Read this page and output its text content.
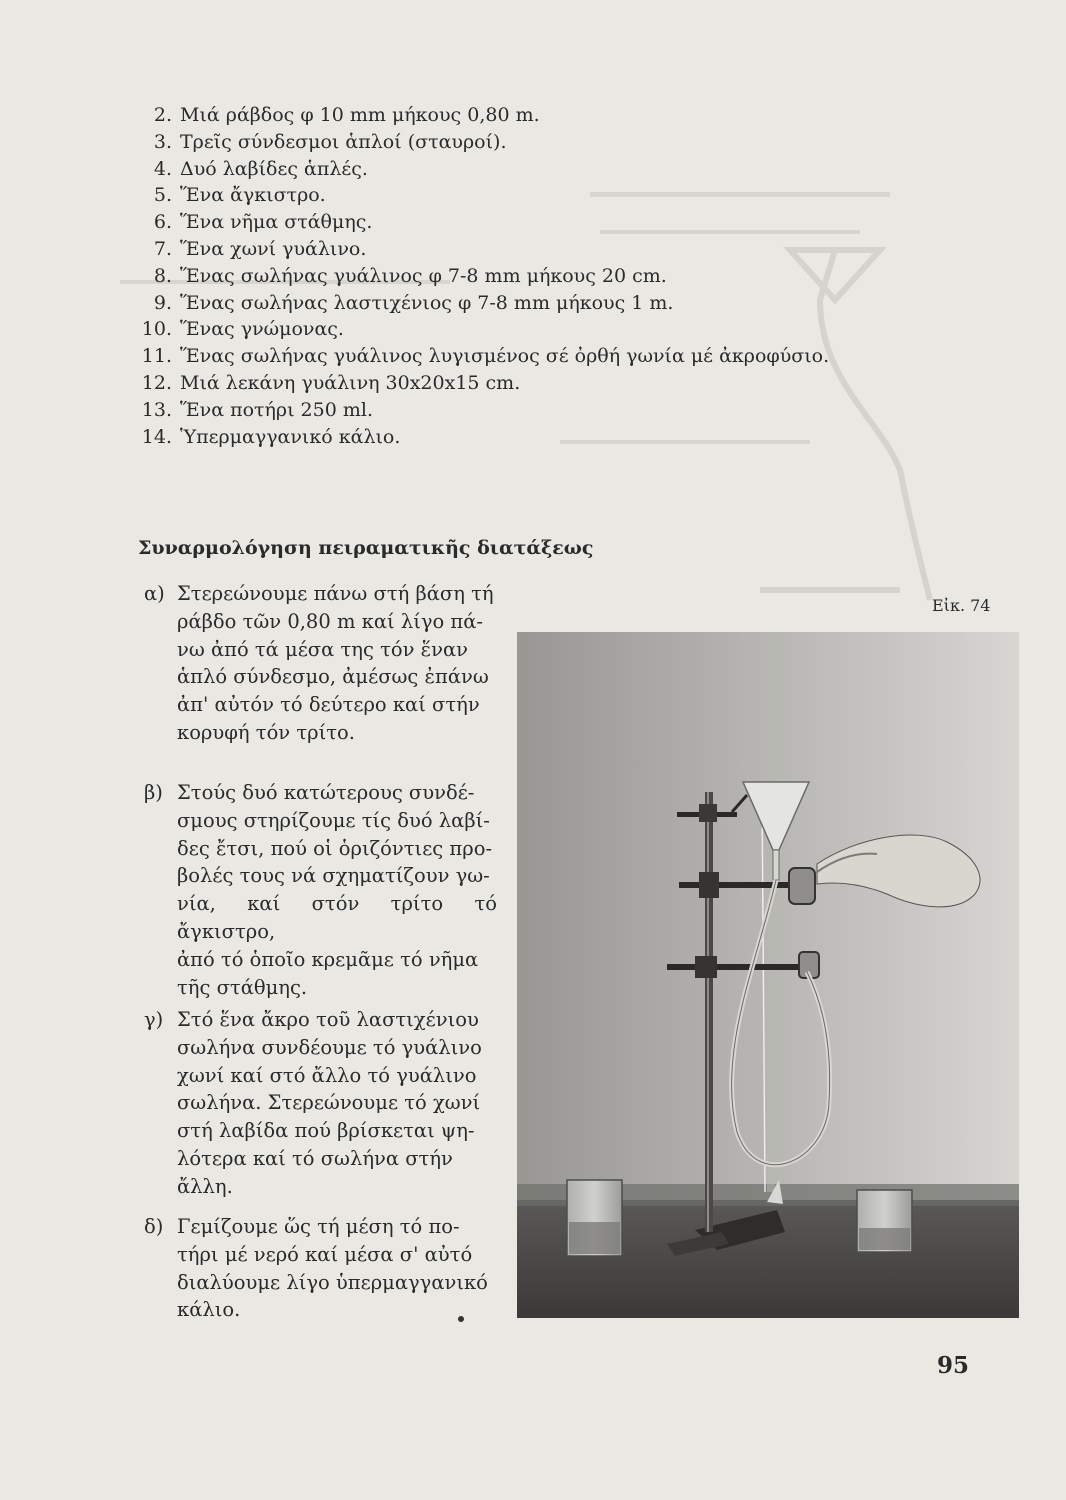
2. Μιά ράβδος φ 10 mm μήκους 0,80 m.
3. Τρεῖς σύνδεσμοι ἁπλοί (σταυροί).
4. Δυό λαβίδες ἁπλές.
5. Ἕνα ἄγκιστρο.
6. Ἕνα νῆμα στάθμης.
7. Ἕνα χωνί γυάλινο.
8. Ἕνας σωλήνας γυάλινος φ 7-8 mm μήκους 20 cm.
9. Ἕνας σωλήνας λαστιχένιος φ 7-8 mm μήκους 1 m.
10. Ἕνας γνώμονας.
11. Ἕνας σωλήνας γυάλινος λυγισμένος σέ ὀρθή γωνία μέ ἀκροφύσιο.
12. Μιά λεκάνη γυάλινη 30x20x15 cm.
13. Ἕνα ποτήρι 250 ml.
14. Ὑπερμαγγανικό κάλιο.
Συναρμολόγηση πειραματικῆς διατάξεως
α) Στερεώνουμε πάνω στή βάση τή
ράβδο τῶν 0,80 m καί λίγο πά-
νω ἀπό τά μέσα της τόν ἕναν
ἁπλό σύνδεσμο, ἀμέσως ἐπάνω
ἀπ' αὐτόν τό δεύτερο καί στήν
κορυφή τόν τρίτο.
β) Στούς δυό κατώτερους συνδέ-
σμους στηρίζουμε τίς δυό λαβί-
δες ἔτσι, πού οἱ ὁριζόντιες προ-
βολές τους νά σχηματίζουν γω-
νία, καί στόν τρίτο τό ἄγκιστρο,
ἀπό τό ὁποῖο κρεμᾶμε τό νῆμα
τῆς στάθμης.
γ) Στό ἕνα ἄκρο τοῦ λαστιχένιου
σωλήνα συνδέουμε τό γυάλινο
χωνί καί στό ἄλλο τό γυάλινο
σωλήνα. Στερεώνουμε τό χωνί
στή λαβίδα πού βρίσκεται ψη-
λότερα καί τό σωλήνα στήν
ἄλλη.
δ) Γεμίζουμε ὥς τή μέση τό πο-
τήρι μέ νερό καί μέσα σ' αὐτό
διαλύουμε λίγο ὑπερμαγγανικό
κάλιο.
Εἰκ. 74
95
